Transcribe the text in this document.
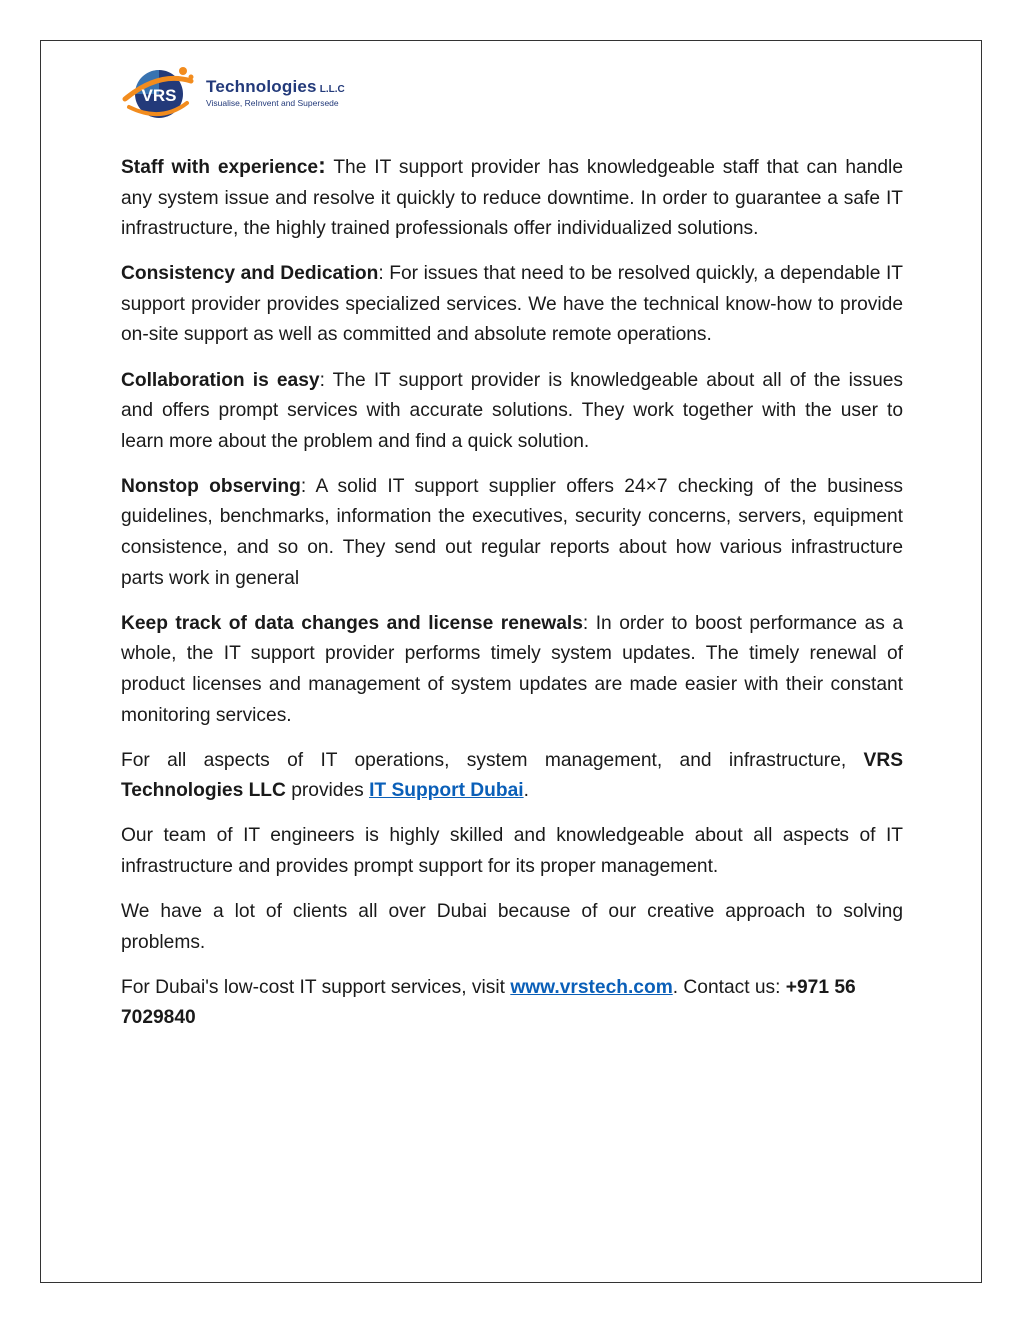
VRS Technologies L.L.C
Visualise, ReInvent and Supersede

Staff with experience: The IT support provider has knowledgeable staff that can handle any system issue and resolve it quickly to reduce downtime. In order to guarantee a safe IT infrastructure, the highly trained professionals offer individualized solutions.

Consistency and Dedication: For issues that need to be resolved quickly, a dependable IT support provider provides specialized services. We have the technical know-how to provide on-site support as well as committed and absolute remote operations.

Collaboration is easy: The IT support provider is knowledgeable about all of the issues and offers prompt services with accurate solutions. They work together with the user to learn more about the problem and find a quick solution.

Nonstop observing: A solid IT support supplier offers 24×7 checking of the business guidelines, benchmarks, information the executives, security concerns, servers, equipment consistence, and so on. They send out regular reports about how various infrastructure parts work in general

Keep track of data changes and license renewals: In order to boost performance as a whole, the IT support provider performs timely system updates. The timely renewal of product licenses and management of system updates are made easier with their constant monitoring services.

For all aspects of IT operations, system management, and infrastructure, VRS Technologies LLC provides IT Support Dubai.

Our team of IT engineers is highly skilled and knowledgeable about all aspects of IT infrastructure and provides prompt support for its proper management.

We have a lot of clients all over Dubai because of our creative approach to solving problems.

For Dubai's low-cost IT support services, visit www.vrstech.com. Contact us: +971 56 7029840
